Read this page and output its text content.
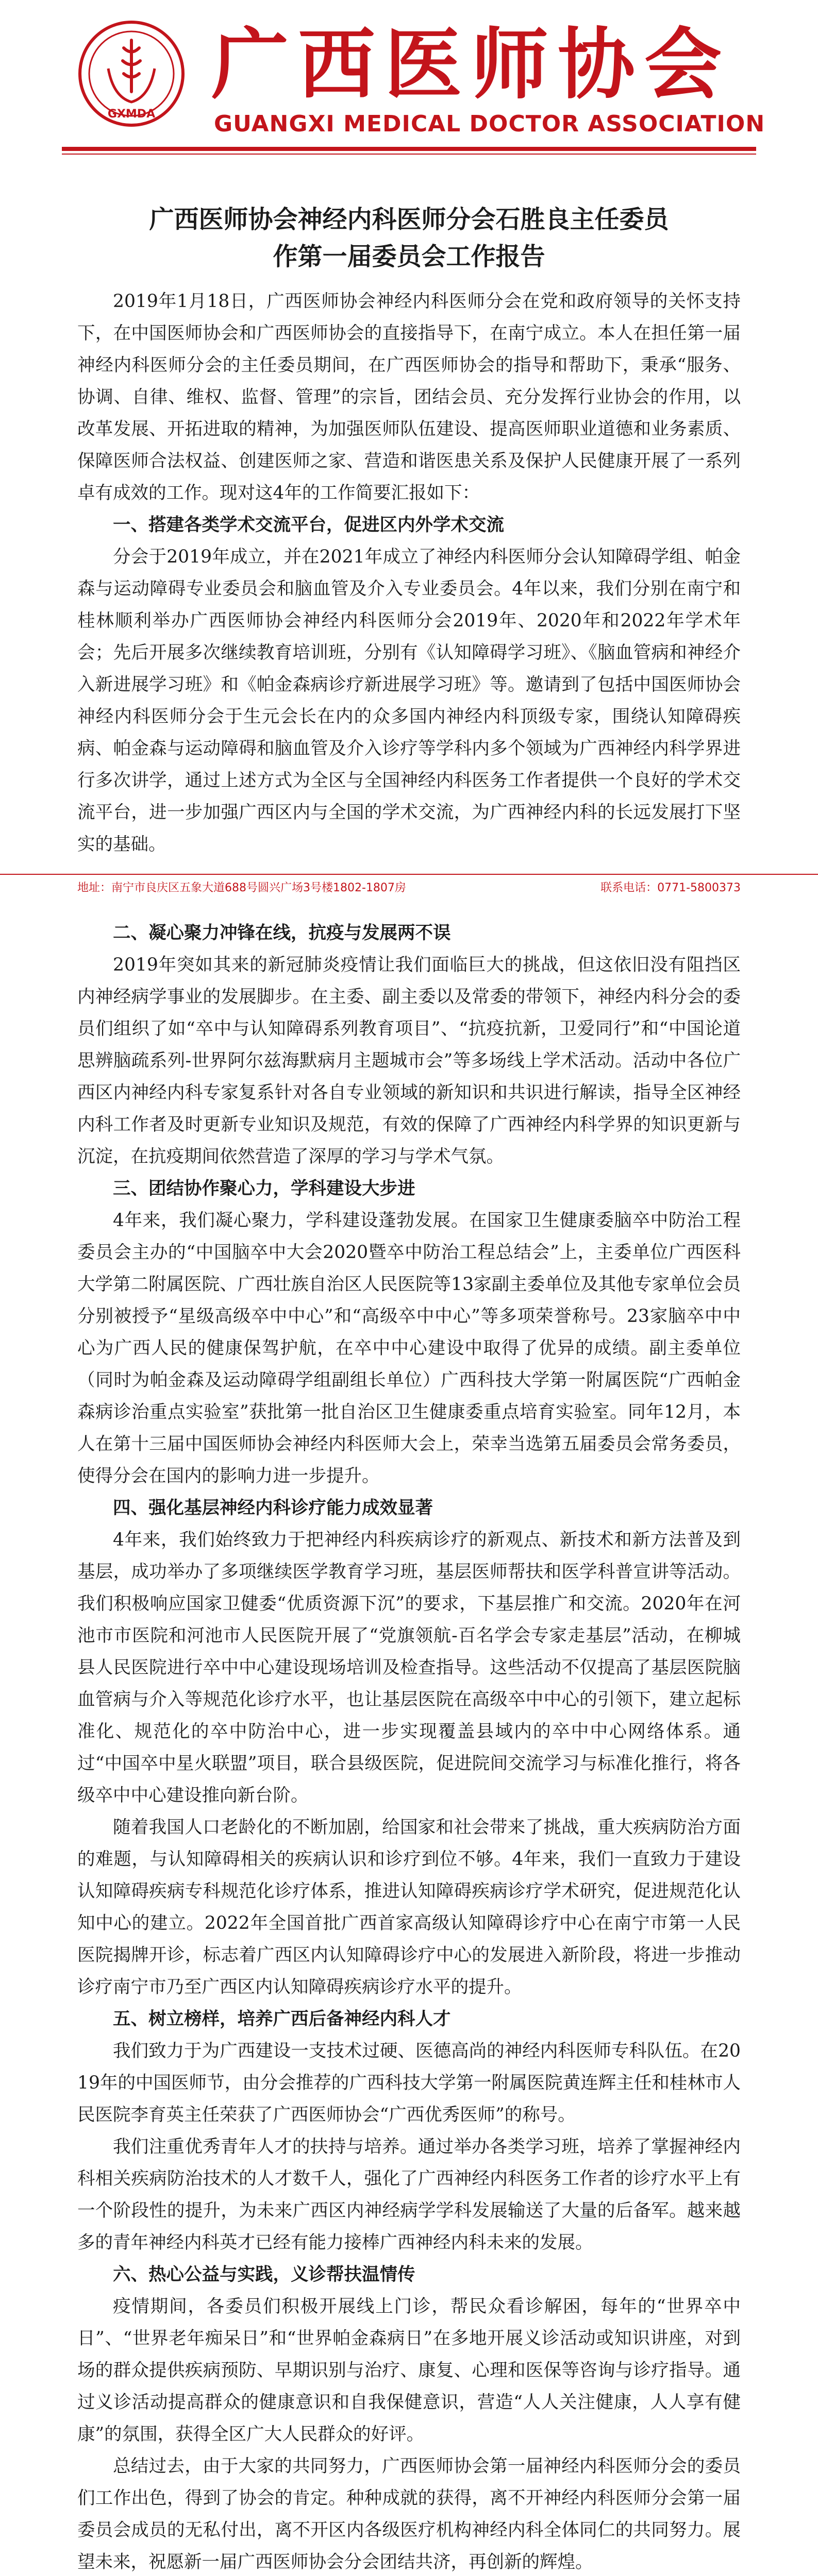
GXMDA
广西医师协会
GUANGXI MEDICAL DOCTOR ASSOCIATION
广西医师协会神经内科医师分会石胜良主任委员
作第一届委员会工作报告

2019年1月18日，广西医师协会神经内科医师分会在党和政府领导的关怀支持下，在中国医师协会和广西医师协会的直接指导下，在南宁成立。本人在担任第一届神经内科医师分会的主任委员期间，在广西医师协会的指导和帮助下，秉承“服务、协调、自律、维权、监督、管理”的宗旨，团结会员、充分发挥行业协会的作用，以改革发展、开拓进取的精神，为加强医师队伍建设、提高医师职业道德和业务素质、保障医师合法权益、创建医师之家、营造和谐医患关系及保护人民健康开展了一系列卓有成效的工作。现对这4年的工作简要汇报如下：

一、搭建各类学术交流平台，促进区内外学术交流

分会于2019年成立，并在2021年成立了神经内科医师分会认知障碍学组、帕金森与运动障碍专业委员会和脑血管及介入专业委员会。4年以来，我们分别在南宁和桂林顺利举办广西医师协会神经内科医师分会2019年、2020年和2022年学术年会；先后开展多次继续教育培训班，分别有《认知障碍学习班》、《脑血管病和神经介入新进展学习班》和《帕金森病诊疗新进展学习班》等。邀请到了包括中国医师协会神经内科医师分会于生元会长在内的众多国内神经内科顶级专家，围绕认知障碍疾病、帕金森与运动障碍和脑血管及介入诊疗等学科内多个领域为广西神经内科学界进行多次讲学，通过上述方式为全区与全国神经内科医务工作者提供一个良好的学术交流平台，进一步加强广西区内与全国的学术交流，为广西神经内科的长远发展打下坚实的基础。

地址：南宁市良庆区五象大道688号圆兴广场3号楼1802-1807房	联系电话：0771-5800373
二、凝心聚力冲锋在线，抗疫与发展两不误

2019年突如其来的新冠肺炎疫情让我们面临巨大的挑战，但这依旧没有阻挡区内神经病学事业的发展脚步。在主委、副主委以及常委的带领下，神经内科分会的委员们组织了如“卒中与认知障碍系列教育项目”、“抗疫抗新，卫爱同行”和“中国论道思辨脑疏系列-世界阿尔兹海默病月主题城市会”等多场线上学术活动。活动中各位广西区内神经内科专家复系针对各自专业领域的新知识和共识进行解读，指导全区神经内科工作者及时更新专业知识及规范，有效的保障了广西神经内科学界的知识更新与沉淀，在抗疫期间依然营造了深厚的学习与学术气氛。

三、团结协作聚心力，学科建设大步进

4年来，我们凝心聚力，学科建设蓬勃发展。在国家卫生健康委脑卒中防治工程委员会主办的“中国脑卒中大会2020暨卒中防治工程总结会”上，主委单位广西医科大学第二附属医院、广西壮族自治区人民医院等13家副主委单位及其他专家单位会员分别被授予“星级高级卒中中心”和“高级卒中中心”等多项荣誉称号。23家脑卒中中心为广西人民的健康保驾护航，在卒中中心建设中取得了优异的成绩。副主委单位（同时为帕金森及运动障碍学组副组长单位）广西科技大学第一附属医院“广西帕金森病诊治重点实验室”获批第一批自治区卫生健康委重点培育实验室。同年12月，本人在第十三届中国医师协会神经内科医师大会上，荣幸当选第五届委员会常务委员，使得分会在国内的影响力进一步提升。

四、强化基层神经内科诊疗能力成效显著

4年来，我们始终致力于把神经内科疾病诊疗的新观点、新技术和新方法普及到基层，成功举办了多项继续医学教育学习班，基层医师帮扶和医学科普宣讲等活动。我们积极响应国家卫健委“优质资源下沉”的要求，下基层推广和交流。2020年在河池市市医院和河池市人民医院开展了“党旗领航-百名学会专家走基层”活动，在柳城县人民医院进行卒中中心建设现场培训及检查指导。这些活动不仅提高了基层医院脑血管病与介入等规范化诊疗水平，也让基层医院在高级卒中中心的引领下，建立起标准化、规范化的卒中防治中心，进一步实现覆盖县域内的卒中中心网络体系。通过“中国卒中星火联盟”项目，联合县级医院，促进院间交流学习与标准化推行，将各级卒中中心建设推向新台阶。

随着我国人口老龄化的不断加剧，给国家和社会带来了挑战，重大疾病防治方面的难题，与认知障碍相关的疾病认识和诊疗到位不够。4年来，我们一直致力于建设认知障碍疾病专科规范化诊疗体系，推进认知障碍疾病诊疗学术研究，促进规范化认知中心的建立。2022年全国首批广西首家高级认知障碍诊疗中心在南宁市第一人民医院揭牌开诊，标志着广西区内认知障碍诊疗中心的发展进入新阶段，将进一步推动诊疗南宁市乃至广西区内认知障碍疾病诊疗水平的提升。

五、树立榜样，培养广西后备神经内科人才

我们致力于为广西建设一支技术过硬、医德高尚的神经内科医师专科队伍。在2019年的中国医师节，由分会推荐的广西科技大学第一附属医院黄连辉主任和桂林市人民医院李育英主任荣获了广西医师协会“广西优秀医师”的称号。

我们注重优秀青年人才的扶持与培养。通过举办各类学习班，培养了掌握神经内科相关疾病防治技术的人才数千人，强化了广西神经内科医务工作者的诊疗水平上有一个阶段性的提升，为未来广西区内神经病学学科发展输送了大量的后备军。越来越多的青年神经内科英才已经有能力接棒广西神经内科未来的发展。

六、热心公益与实践，义诊帮扶温情传

疫情期间，各委员们积极开展线上门诊，帮民众看诊解困，每年的“世界卒中日”、“世界老年痴呆日”和“世界帕金森病日”在多地开展义诊活动或知识讲座，对到场的群众提供疾病预防、早期识别与治疗、康复、心理和医保等咨询与诊疗指导。通过义诊活动提高群众的健康意识和自我保健意识，营造“人人关注健康，人人享有健康”的氛围，获得全区广大人民群众的好评。

总结过去，由于大家的共同努力，广西医师协会第一届神经内科医师分会的委员们工作出色，得到了协会的肯定。种种成就的获得，离不开神经内科医师分会第一届委员会成员的无私付出，离不开区内各级医疗机构神经内科全体同仁的共同努力。展望未来，祝愿新一届广西医师协会分会团结共济，再创新的辉煌。
